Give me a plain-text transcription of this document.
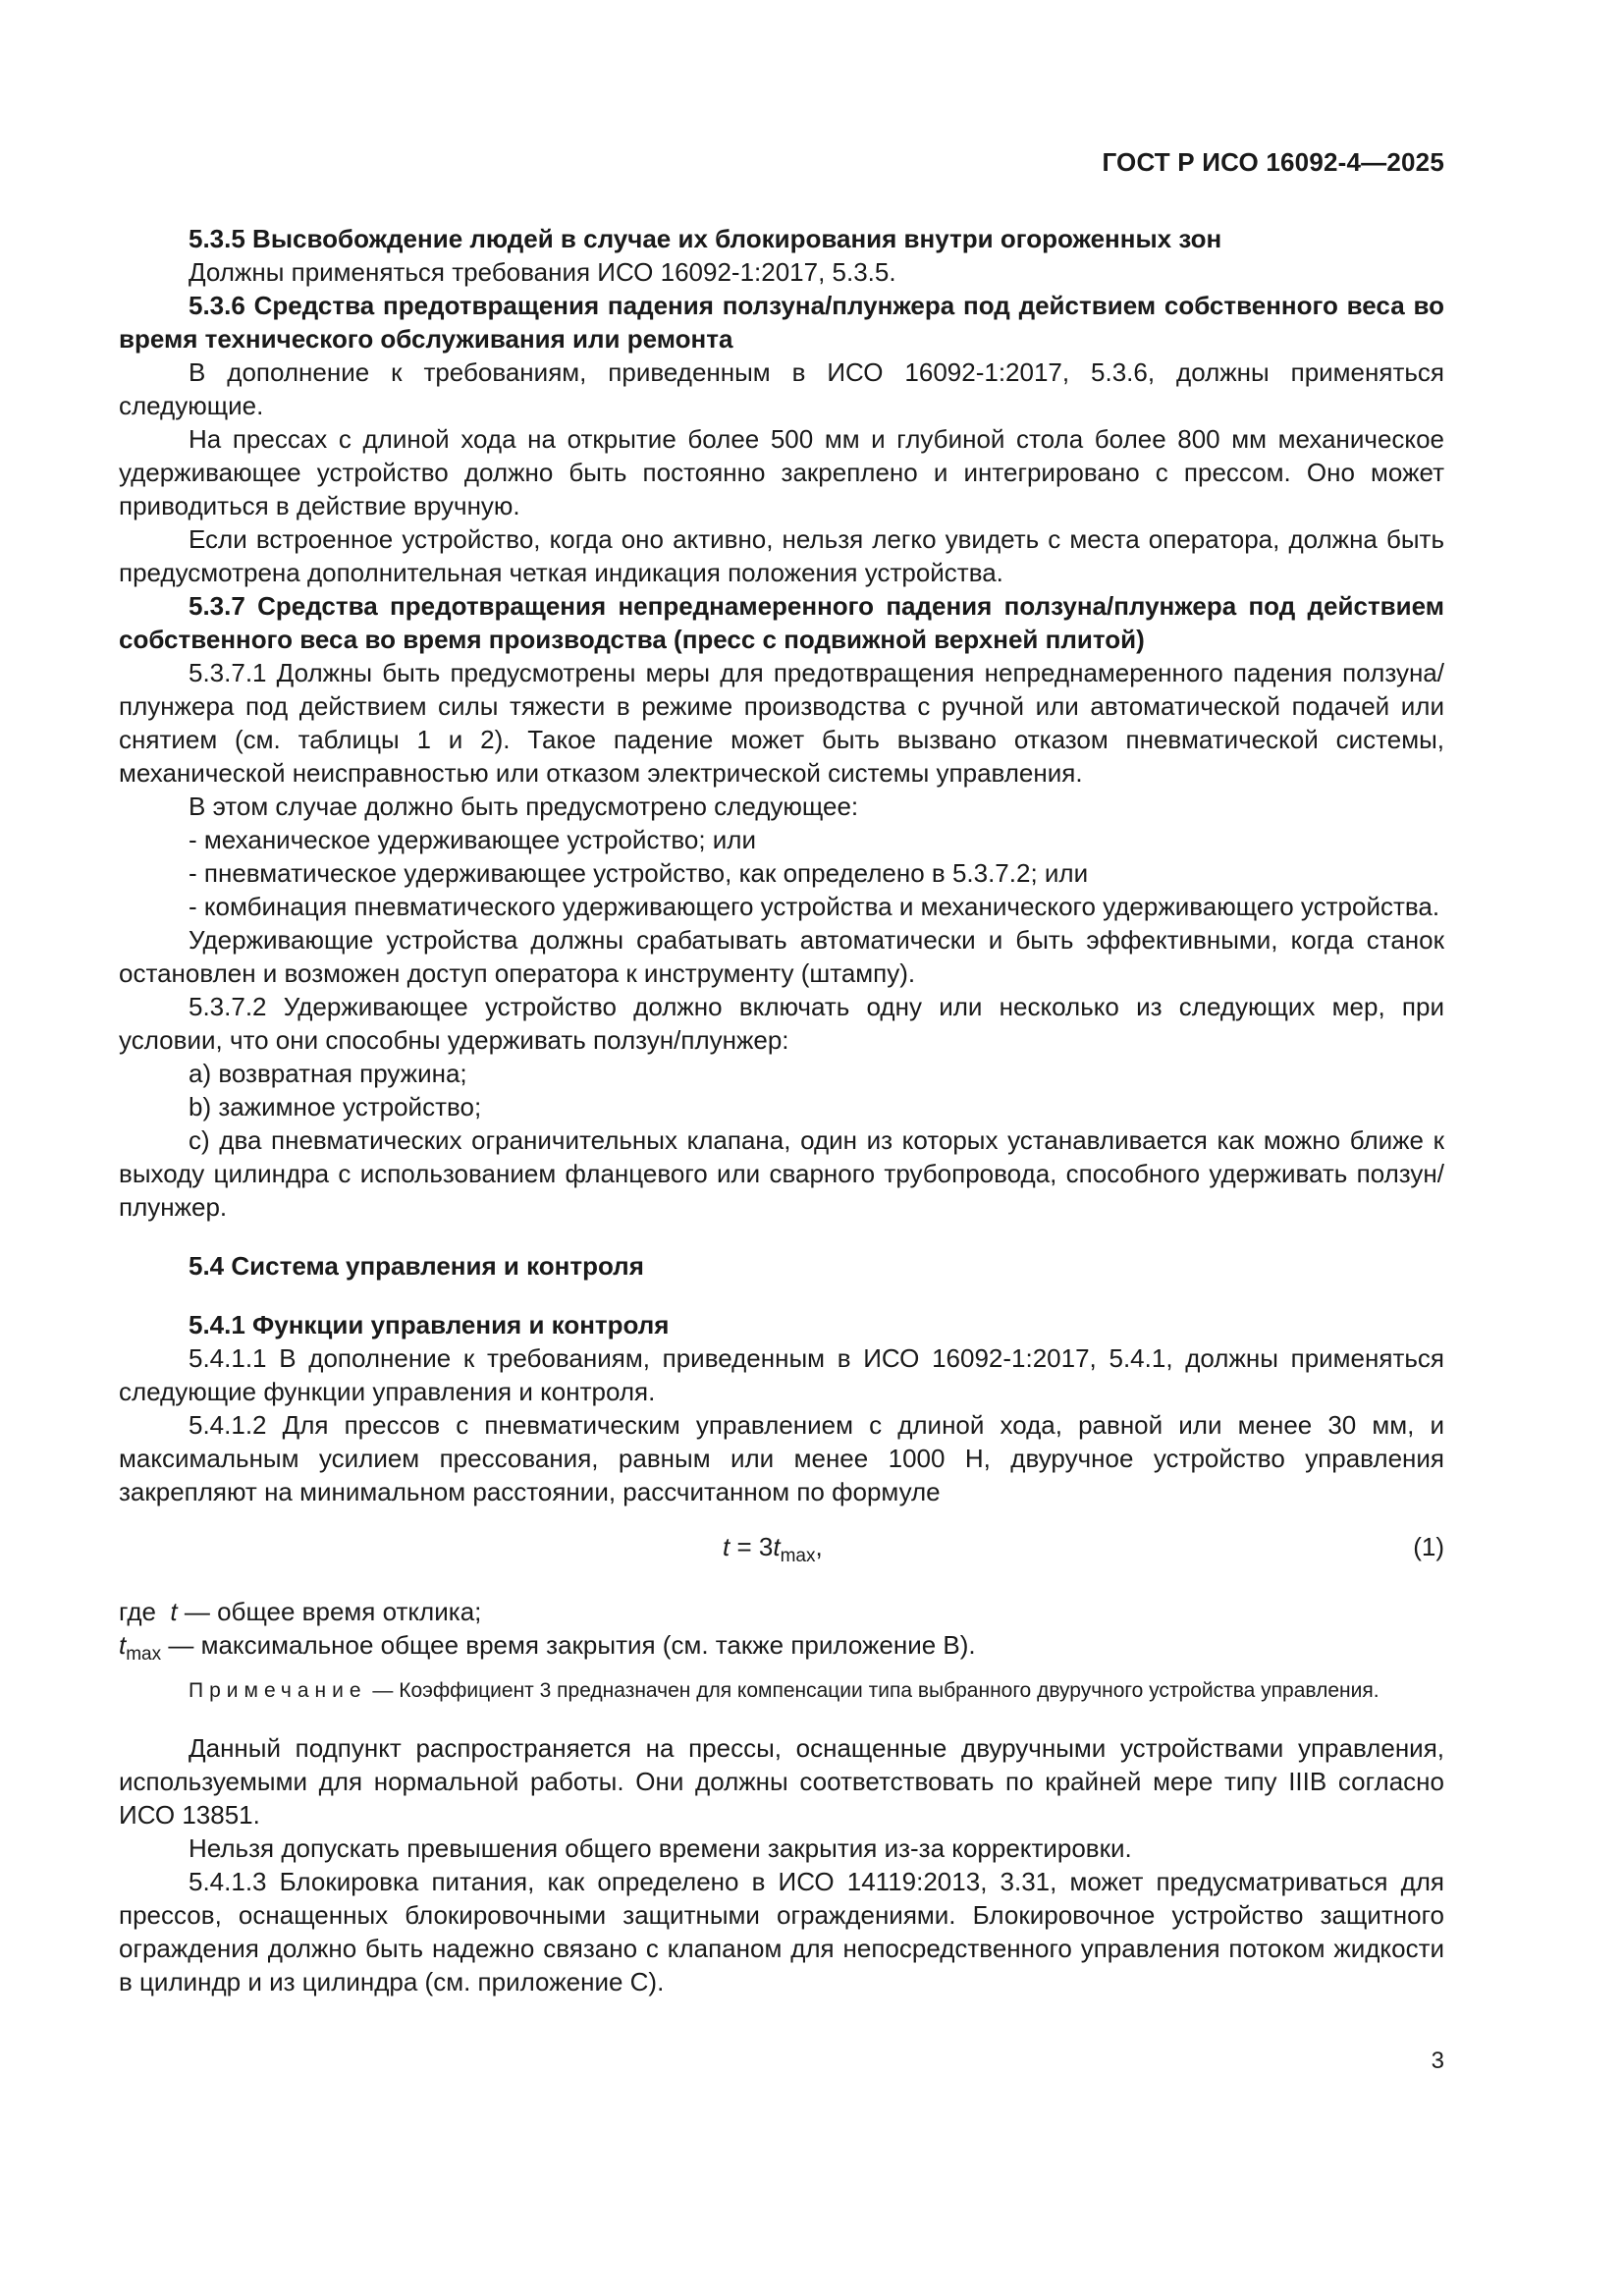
ГОСТ Р ИСО 16092-4—2025

5.3.5 Высвобождение людей в случае их блокирования внутри огороженных зон

Должны применяться требования ИСО 16092-1:2017, 5.3.5.

5.3.6 Средства предотвращения падения ползуна/плунжера под действием собственного веса во время технического обслуживания или ремонта

В дополнение к требованиям, приведенным в ИСО 16092-1:2017, 5.3.6, должны применяться следующие.

На прессах с длиной хода на открытие более 500 мм и глубиной стола более 800 мм механическое удерживающее устройство должно быть постоянно закреплено и интегрировано с прессом. Оно может приводиться в действие вручную.

Если встроенное устройство, когда оно активно, нельзя легко увидеть с места оператора, должна быть предусмотрена дополнительная четкая индикация положения устройства.

5.3.7 Средства предотвращения непреднамеренного падения ползуна/плунжера под действием собственного веса во время производства (пресс с подвижной верхней плитой)

5.3.7.1 Должны быть предусмотрены меры для предотвращения непреднамеренного падения ползуна/плунжера под действием силы тяжести в режиме производства с ручной или автоматической подачей или снятием (см. таблицы 1 и 2). Такое падение может быть вызвано отказом пневматической системы, механической неисправностью или отказом электрической системы управления.

В этом случае должно быть предусмотрено следующее:

- механическое удерживающее устройство; или

- пневматическое удерживающее устройство, как определено в 5.3.7.2; или

- комбинация пневматического удерживающего устройства и механического удерживающего устройства.

Удерживающие устройства должны срабатывать автоматически и быть эффективными, когда станок остановлен и возможен доступ оператора к инструменту (штампу).

5.3.7.2 Удерживающее устройство должно включать одну или несколько из следующих мер, при условии, что они способны удерживать ползун/плунжер:

а) возвратная пружина;

b) зажимное устройство;

с) два пневматических ограничительных клапана, один из которых устанавливается как можно ближе к выходу цилиндра с использованием фланцевого или сварного трубопровода, способного удерживать ползун/плунжер.

5.4 Система управления и контроля

5.4.1 Функции управления и контроля

5.4.1.1 В дополнение к требованиям, приведенным в ИСО 16092-1:2017, 5.4.1, должны применяться следующие функции управления и контроля.

5.4.1.2 Для прессов с пневматическим управлением с длиной хода, равной или менее 30 мм, и максимальным усилием прессования, равным или менее 1000 Н, двуручное устройство управления закрепляют на минимальном расстоянии, рассчитанном по формуле

$t = 3t_{max}$,	(1)

где t — общее время отклика;

$t_{max}$ — максимальное общее время закрытия (см. также приложение В).

Примечание — Коэффициент 3 предназначен для компенсации типа выбранного двуручного устройства управления.

Данный подпункт распространяется на прессы, оснащенные двуручными устройствами управления, используемыми для нормальной работы. Они должны соответствовать по крайней мере типу IIIB согласно ИСО 13851.

Нельзя допускать превышения общего времени закрытия из-за корректировки.

5.4.1.3 Блокировка питания, как определено в ИСО 14119:2013, 3.31, может предусматриваться для прессов, оснащенных блокировочными защитными ограждениями. Блокировочное устройство защитного ограждения должно быть надежно связано с клапаном для непосредственного управления потоком жидкости в цилиндр и из цилиндра (см. приложение С).

3
